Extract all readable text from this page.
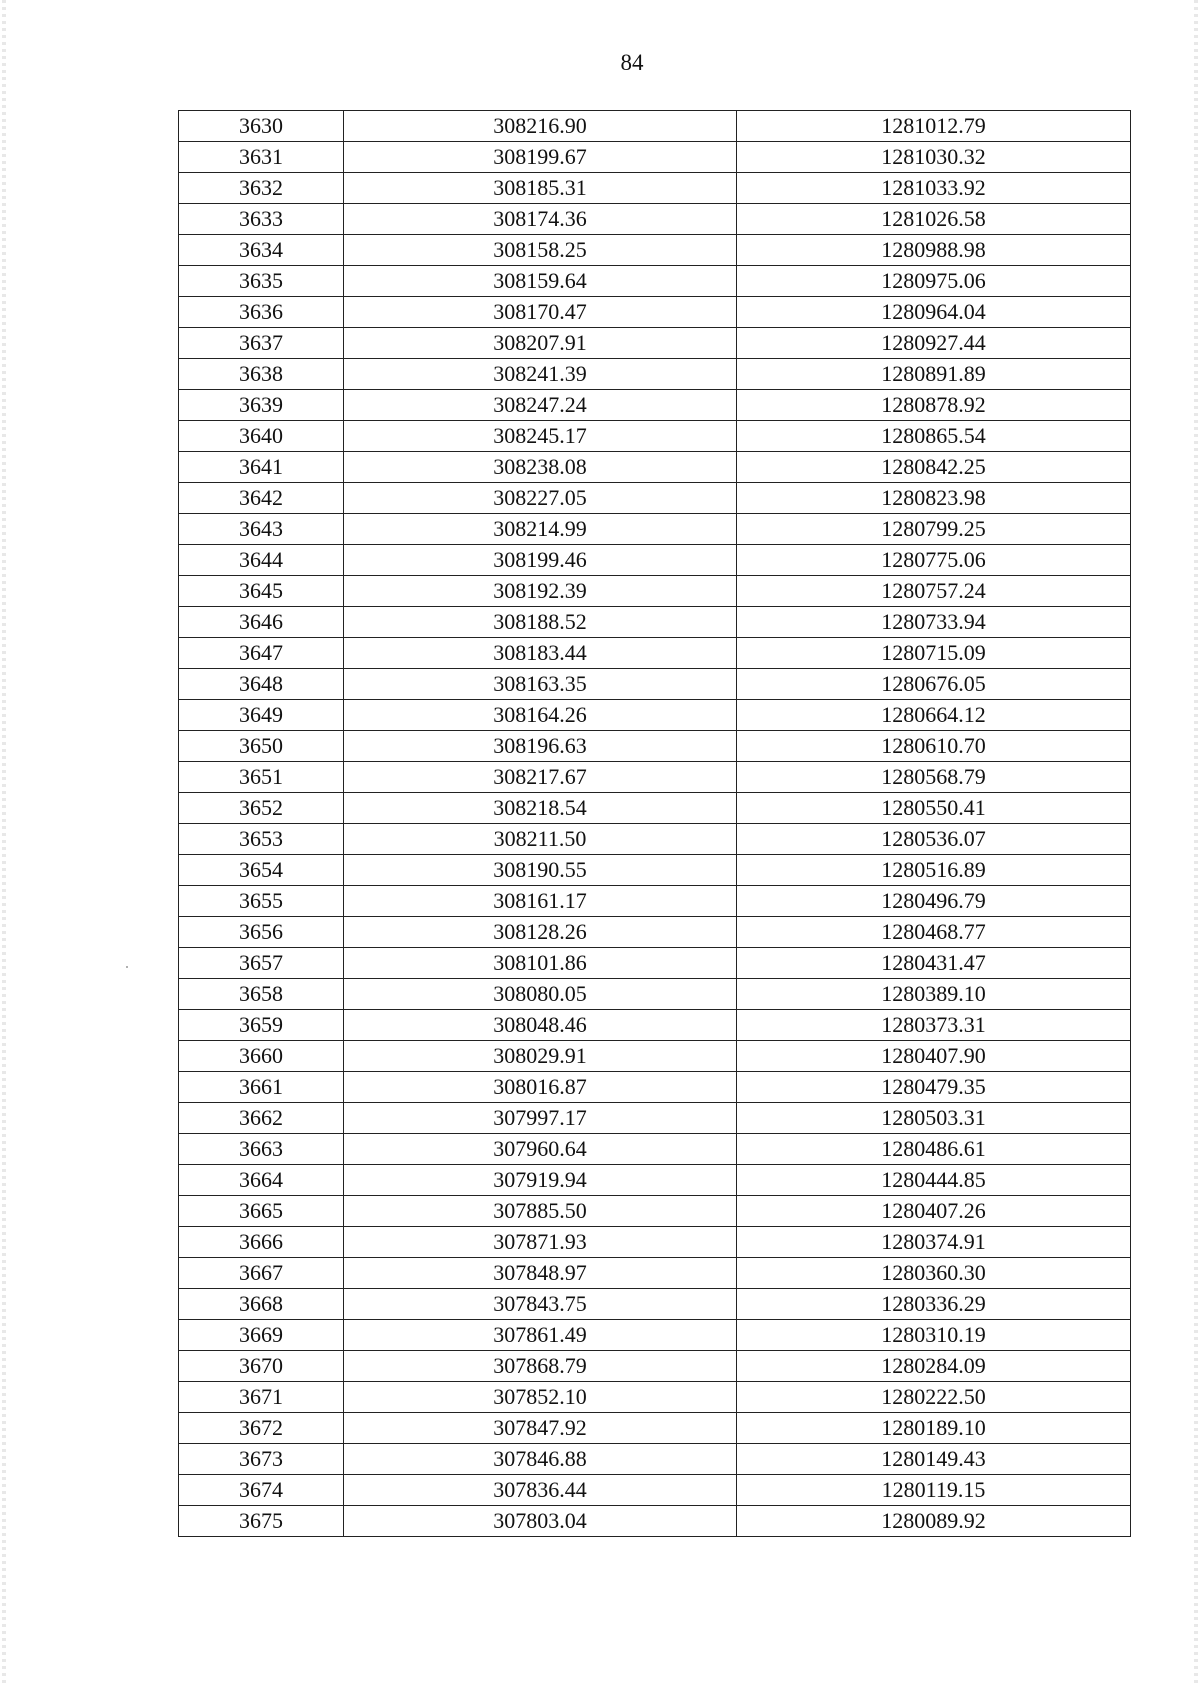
84
3630	308216.90	1281012.79
3631	308199.67	1281030.32
3632	308185.31	1281033.92
3633	308174.36	1281026.58
3634	308158.25	1280988.98
3635	308159.64	1280975.06
3636	308170.47	1280964.04
3637	308207.91	1280927.44
3638	308241.39	1280891.89
3639	308247.24	1280878.92
3640	308245.17	1280865.54
3641	308238.08	1280842.25
3642	308227.05	1280823.98
3643	308214.99	1280799.25
3644	308199.46	1280775.06
3645	308192.39	1280757.24
3646	308188.52	1280733.94
3647	308183.44	1280715.09
3648	308163.35	1280676.05
3649	308164.26	1280664.12
3650	308196.63	1280610.70
3651	308217.67	1280568.79
3652	308218.54	1280550.41
3653	308211.50	1280536.07
3654	308190.55	1280516.89
3655	308161.17	1280496.79
3656	308128.26	1280468.77
3657	308101.86	1280431.47
3658	308080.05	1280389.10
3659	308048.46	1280373.31
3660	308029.91	1280407.90
3661	308016.87	1280479.35
3662	307997.17	1280503.31
3663	307960.64	1280486.61
3664	307919.94	1280444.85
3665	307885.50	1280407.26
3666	307871.93	1280374.91
3667	307848.97	1280360.30
3668	307843.75	1280336.29
3669	307861.49	1280310.19
3670	307868.79	1280284.09
3671	307852.10	1280222.50
3672	307847.92	1280189.10
3673	307846.88	1280149.43
3674	307836.44	1280119.15
3675	307803.04	1280089.92
